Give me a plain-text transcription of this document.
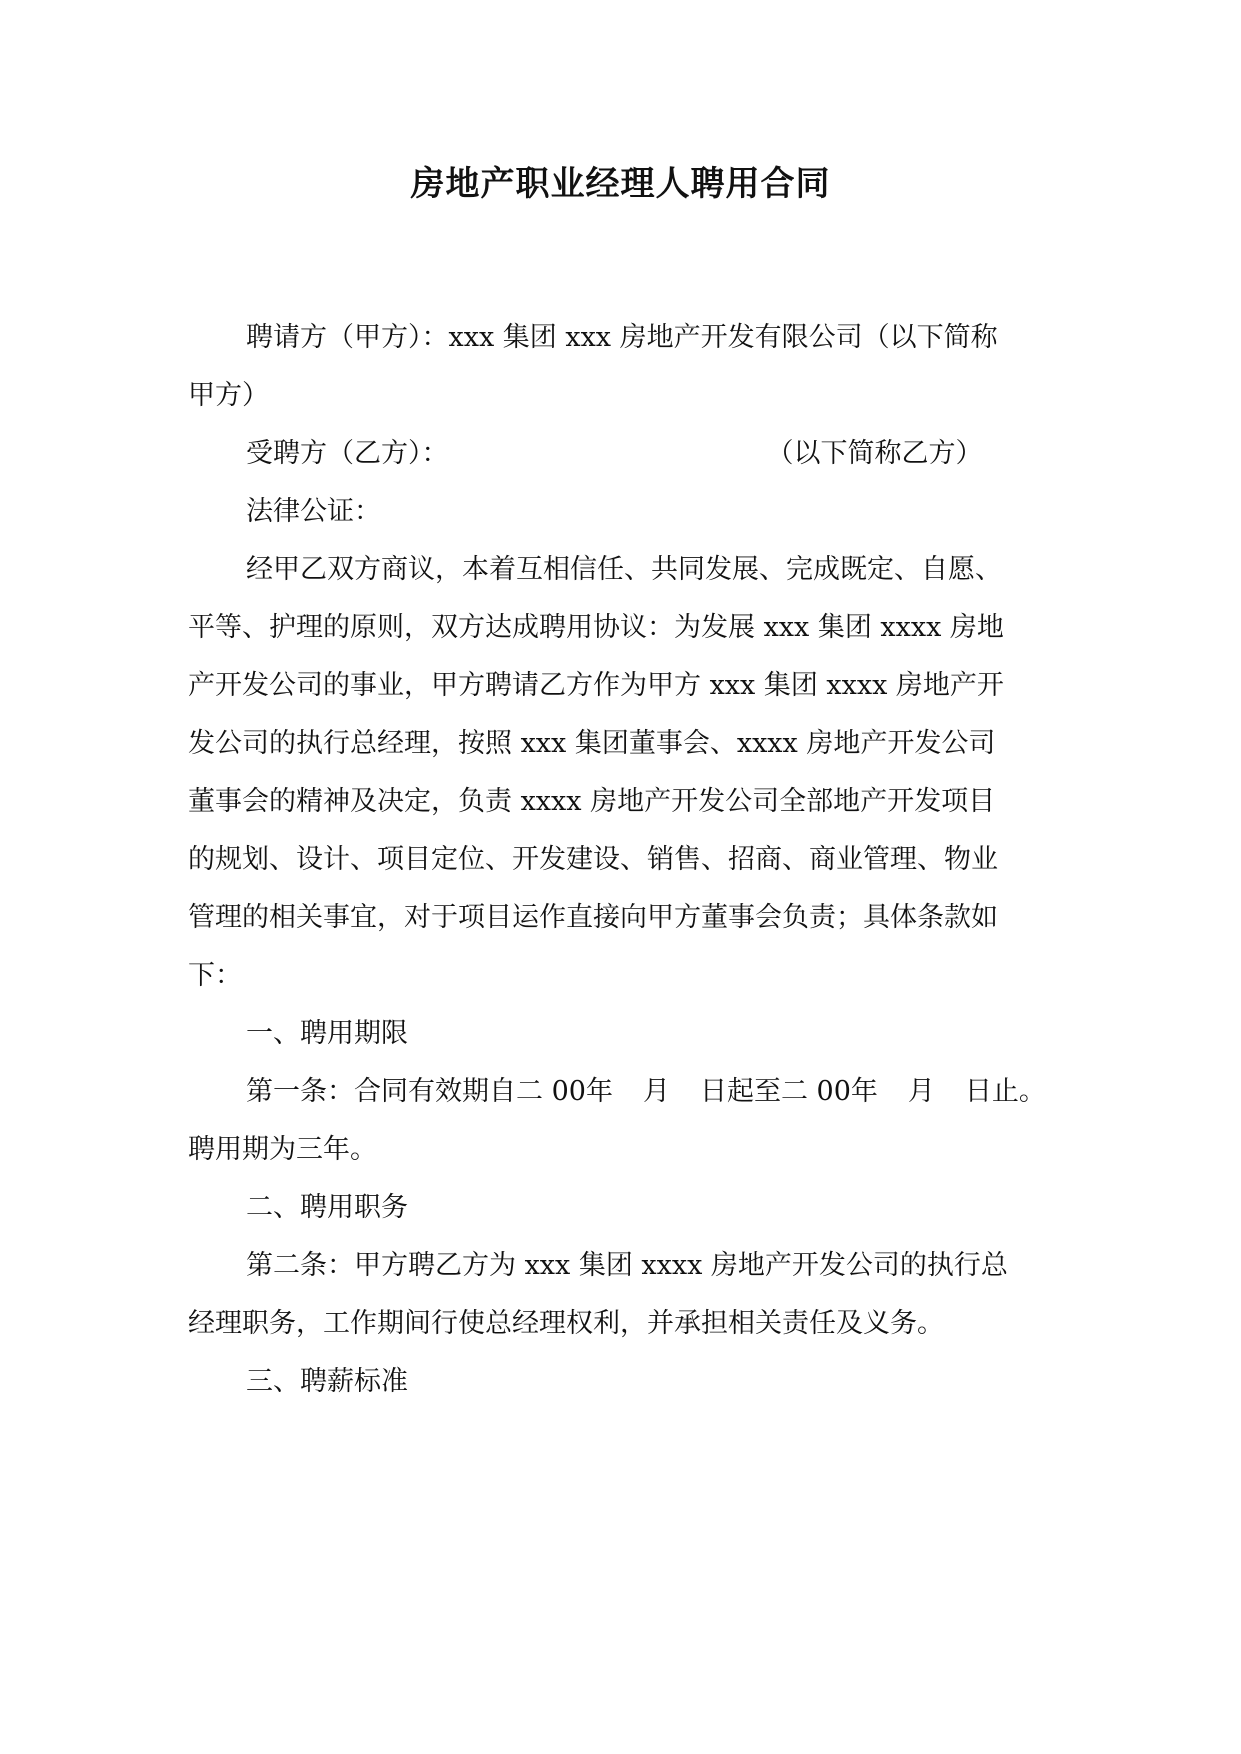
房地产职业经理人聘用合同
聘请方（甲方）：xxx 集团 xxx 房地产开发有限公司（以下简称
甲方）
受聘方（乙方）：	（以下简称乙方）
法律公证：
经甲乙双方商议，本着互相信任、共同发展、完成既定、自愿、
平等、护理的原则，双方达成聘用协议：为发展 xxx 集团 xxxx 房地
产开发公司的事业，甲方聘请乙方作为甲方 xxx 集团 xxxx 房地产开
发公司的执行总经理，按照 xxx 集团董事会、xxxx 房地产开发公司
董事会的精神及决定，负责 xxxx 房地产开发公司全部地产开发项目
的规划、设计、项目定位、开发建设、销售、招商、商业管理、物业
管理的相关事宜，对于项目运作直接向甲方董事会负责；具体条款如
下：
一、聘用期限
第一条：合同有效期自二 00年 月 日起至二 00年 月 日止。
聘用期为三年。
二、聘用职务
第二条：甲方聘乙方为 xxx 集团 xxxx 房地产开发公司的执行总
经理职务，工作期间行使总经理权利，并承担相关责任及义务。
三、聘薪标准
